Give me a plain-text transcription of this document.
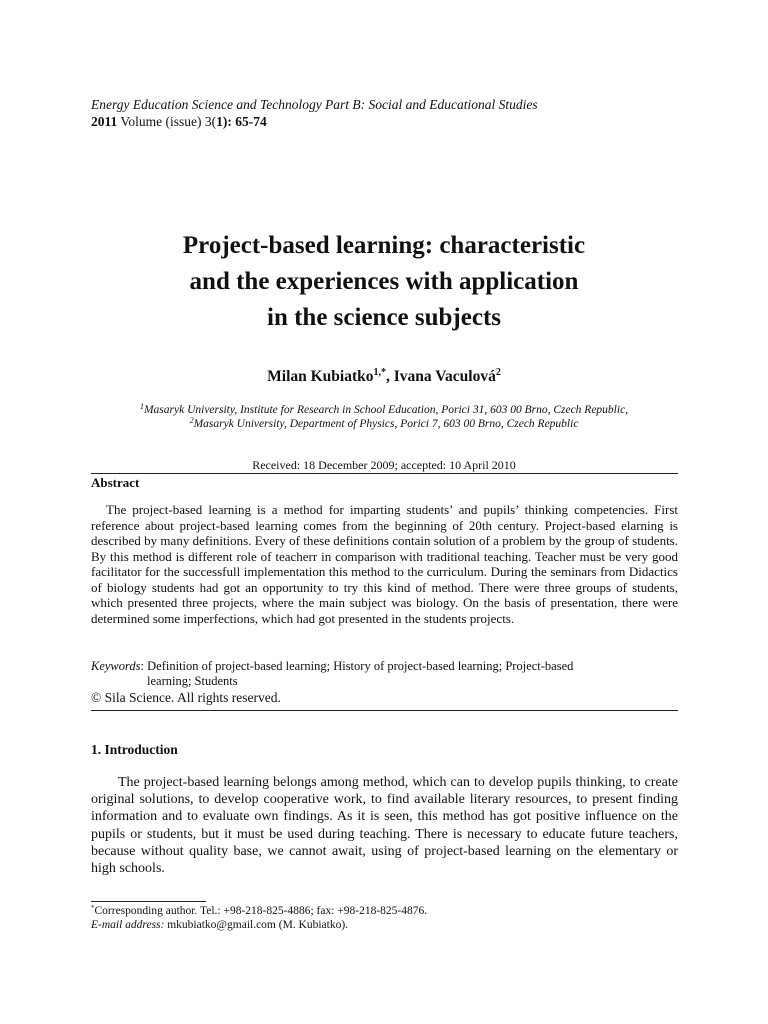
Energy Education Science and Technology Part B: Social and Educational Studies
2011 Volume (issue) 3(1): 65-74
Project-based learning: characteristic
and the experiences with application
in the science subjects
Milan Kubiatko$^{1,*}$, Ivana Vaculová$^2$
$^1$Masaryk University, Institute for Research in School Education, Porici 31, 603 00 Brno, Czech Republic,
$^2$Masaryk University, Department of Physics, Porici 7, 603 00 Brno, Czech Republic
Received: 18 December 2009; accepted: 10 April 2010
Abstract

The project-based learning is a method for imparting students’ and pupils’ thinking competencies. First reference about project-based learning comes from the beginning of 20th century. Project-based elarning is described by many definitions. Every of these definitions contain solution of a problem by the group of students. By this method is different role of teacherr in comparison with traditional teaching. Teacher must be very good facilitator for the successfull implementation this method to the curriculum. During the seminars from Didactics of biology students had got an opportunity to try this kind of method. There were three groups of students, which presented three projects, where the main subject was biology. On the basis of presentation, there were determined some imperfections, which had got presented in the students projects.

Keywords: Definition of project-based learning; History of project-based learning; Project-based
learning; Students
© Sila Science. All rights reserved.
1. Introduction

The project-based learning belongs among method, which can to develop pupils thinking, to create original solutions, to develop cooperative work, to find available literary resources, to present finding information and to evaluate own findings. As it is seen, this method has got positive influence on the pupils or students, but it must be used during teaching. There is necessary to educate future teachers, because without quality base, we cannot await, using of project-based learning on the elementary or high schools.

*Corresponding author. Tel.: +98-218-825-4886; fax: +98-218-825-4876.
E-mail address: mkubiatko@gmail.com (M. Kubiatko).
